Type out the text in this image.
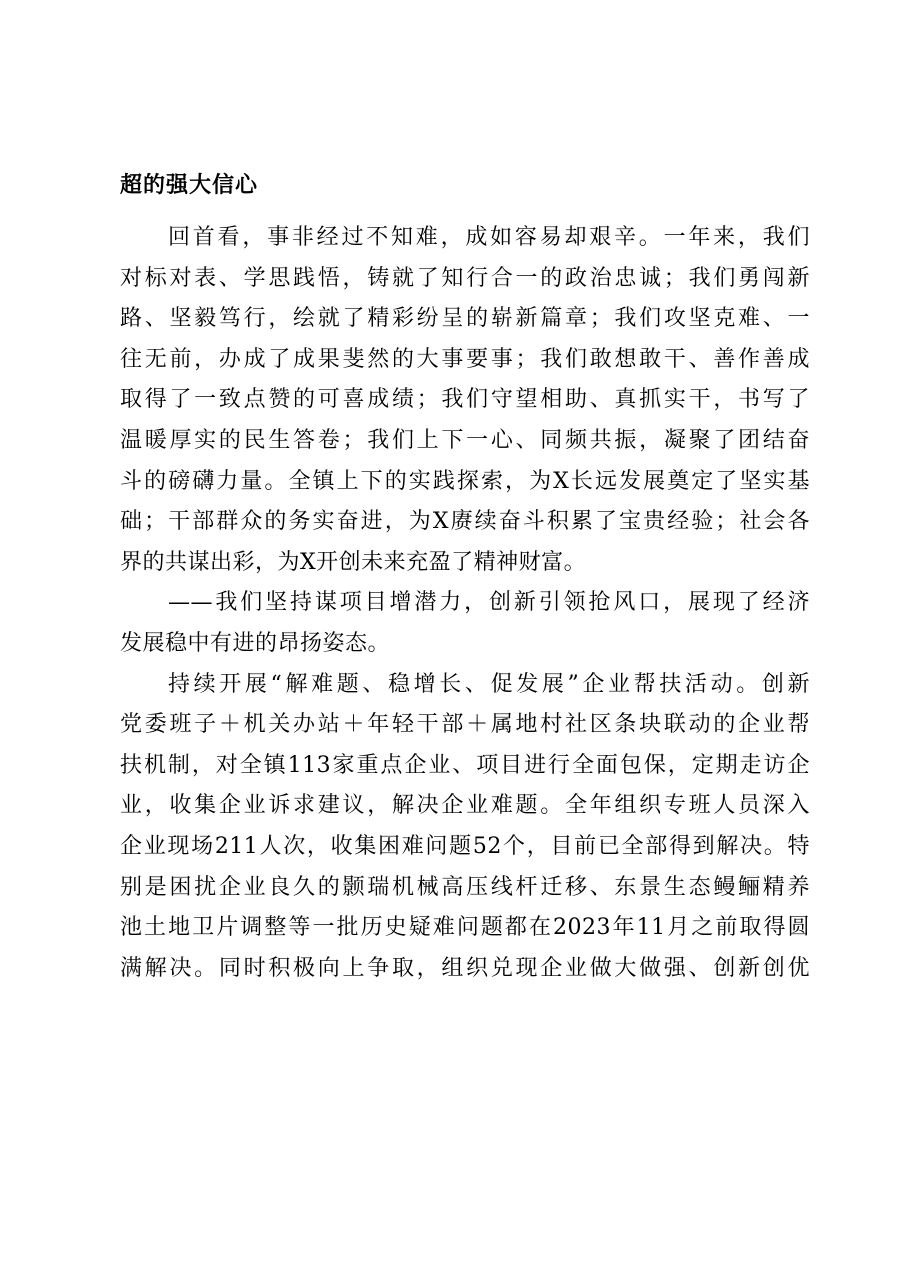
超的强大信心
回首看，事非经过不知难，成如容易却艰辛。一年来，我们
对标对表、学思践悟，铸就了知行合一的政治忠诚；我们勇闯新
路、坚毅笃行，绘就了精彩纷呈的崭新篇章；我们攻坚克难、一
往无前，办成了成果斐然的大事要事；我们敢想敢干、善作善成
取得了一致点赞的可喜成绩；我们守望相助、真抓实干，书写了
温暖厚实的民生答卷；我们上下一心、同频共振，凝聚了团结奋
斗的磅礴力量。全镇上下的实践探索，为X长远发展奠定了坚实基
础；干部群众的务实奋进，为X赓续奋斗积累了宝贵经验；社会各
界的共谋出彩，为X开创未来充盈了精神财富。
——我们坚持谋项目增潜力，创新引领抢风口，展现了经济
发展稳中有进的昂扬姿态。
持续开展“解难题、稳增长、促发展”企业帮扶活动。创新
党委班子＋机关办站＋年轻干部＋属地村社区条块联动的企业帮
扶机制，对全镇113家重点企业、项目进行全面包保，定期走访企
业，收集企业诉求建议，解决企业难题。全年组织专班人员深入
企业现场211人次，收集困难问题52个，目前已全部得到解决。特
别是困扰企业良久的颢瑞机械高压线杆迁移、东景生态鳗鲡精养
池土地卫片调整等一批历史疑难问题都在2023年11月之前取得圆
满解决。同时积极向上争取，组织兑现企业做大做强、创新创优
